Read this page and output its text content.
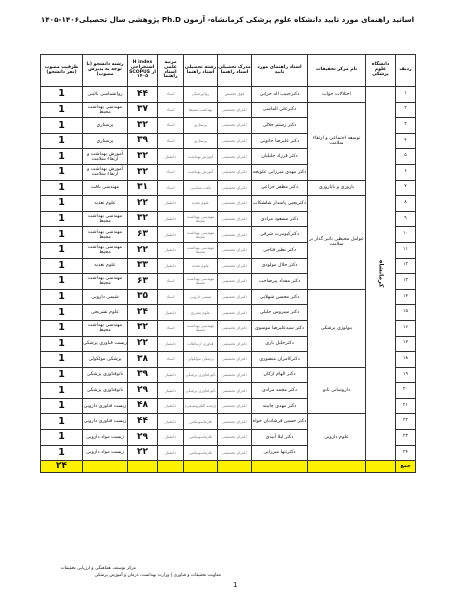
اساتید راهنمای مورد تایید دانشکاه علوم پزشکی کرمانشاه- آزمون Ph.D پژوهشی سال تحصیلی۱۴۰۶-۱۴۰۵
ردیف	دانشگاه علوم پزشکی	نام مرکز تحقیقات	استاد راهنمای مورد تایید	مدرک تحصیلی استاد راهنما	رشته تحصیلی استاد راهنما	مرتبه علمی استاد راهنما	H index استخراجی از SCOPUS ۱۴۰۵	رشته دانشجو (با توجه به پذیرش مصوب)	ظرفیت مصوب (نفر دانشجو)
۱	کرمانشاه	اختلالات خواب	دکترحبیب اله خزایی	فوق تخصص	روانپزشکی	استاد	۴۴	روانشناسی بالینی	1
۲		توسعه اجتماعی و ارتقاء سلامت	دکترعلی الماسی	دکترای تخصصی	بهداشت محیط	استاد	۳۷	مهندسی بهداشت محیط	1
۳			دکتر رستم جلالی	دکترای تخصصی	پرستاری	استاد	۳۲	پرستاری	1
۴			دکتر علیرضا خاتونی	دکترای تخصصی	پرستاری	استاد	۳۹	پرستاری	1
۵			دکتر فرزاد جلیلیان	دکترای تخصصی	آموزش بهداشت	دانشیار	۳۲	آموزش بهداشت و ارتقاء سلامت	1
۶			دکتر مهدی میرزایی علویجه	دکترای تخصصی	آموزش بهداشت	استاد	۳۲	آموزش بهداشت و ارتقاء سلامت	1
۷		باروری و ناباروری	دکتر مظفر خزاعی	دکترای تخصصی	بافت شناسی	استاد	۳۱	مهندسی بافت	1
۸		عوامل محیطی تاثیر گذار بر سلامت	دکتریحیی پاسدار شلشکاب	دکترای تخصصی	علوم تغذیه	دانشیار	۲۲	علوم تغذیه	1
۹			دکتر مسعود مرادی	دکترای تخصصی	مهندسی بهداشت محیط	دانشیار	۳۲	مهندسی بهداشت محیط	1
۱۰			دکترکیومرث شرفی	دکترای تخصصی	مهندسی بهداشت محیط	دانشیار	۶۳	مهندسی بهداشت محیط	1
۱۱			دکتر نظیر فتاحی	دکترای تخصصی	مهندسی بهداشت محیط	دانشیار	۲۲	مهندسی بهداشت محیط	1
۱۲			دکتر حلال مولودی	دکترای تخصصی	علوم تغذیه	دانشیار	۳۳	علوم تغذیه	1
۱۳			دکتر مقداد پیرصاحب	دکترای تخصصی	مهندسی بهداشت محیط	استاد	۶۳	مهندسی بهداشت محیط	1
۱۴		بیولوژی پزشکی	دکتر محسن شهلایی	دکترای تخصصی	شیمی دارویی	استاد	۳۵	شیمی دارویی	1
۱۵			دکتر سیروس جلیلی	دکترای تخصصی	علوم تشریح	دانشیار	۲۴	علوم تشریحی	1
۱۶			دکتر سیدعلیرضا موسوی	دکترای تخصصی	مهندسی بهداشت محیط	استاد	۳۲	مهندسی بهداشت محیط	1
۱۷			دکترخلیل باری	دکترای تخصصی	فناوری ارتباطات	دانشیار	۲۲	زیست فناوری پزشکی	1
۱۸			دکترکامران منصوری	دکترای تخصصی	پزشکی مولکولی	استاد	۳۸	پزشکی مولکولی	1
۱۹		داروسانی نانو	دکتر الهام ارکان	دکترای تخصصی	نانو فناوری پزشکی	دانشیار	۳۹	نانوفناوری پزشکی	1
۲۰			دکتر محمد مرادی	دکترای تخصصی	نانو فناوری پزشکی	دانشیار	۲۹	نانوفناوری پزشکی	1
۲۱			دکتر مهدی چایبند	دکترای تخصصی	(رشته الکتروشیمی)	دانشیار	۴۸	زیست فناوری دارویی	1
۲۲		علوم دارویی	دکتر حسین فرشادیان خواه	دکترای تخصصی	فارماسوتیکس	دانشیار	۴۴	زیست فناوری دارویی	1
۲۳			دکتر لیلا آبیدی	دکترای تخصصی	فارماسوتیکس	دانشیار	۲۹	زیست مواد دارویی	1
۲۴			دکترتنها میرزایی	دکترای تخصصی	فارماسوتیکس	دانشیار	۲۲	زیست مواد دارویی	1
جمع									۲۴
مرکز توسعه، هماهنگی و ارزیابی تحقیقات
معاونت تحقیقات و فناوری | وزارت بهداشت، درمان و آموزش پزشکی
1
